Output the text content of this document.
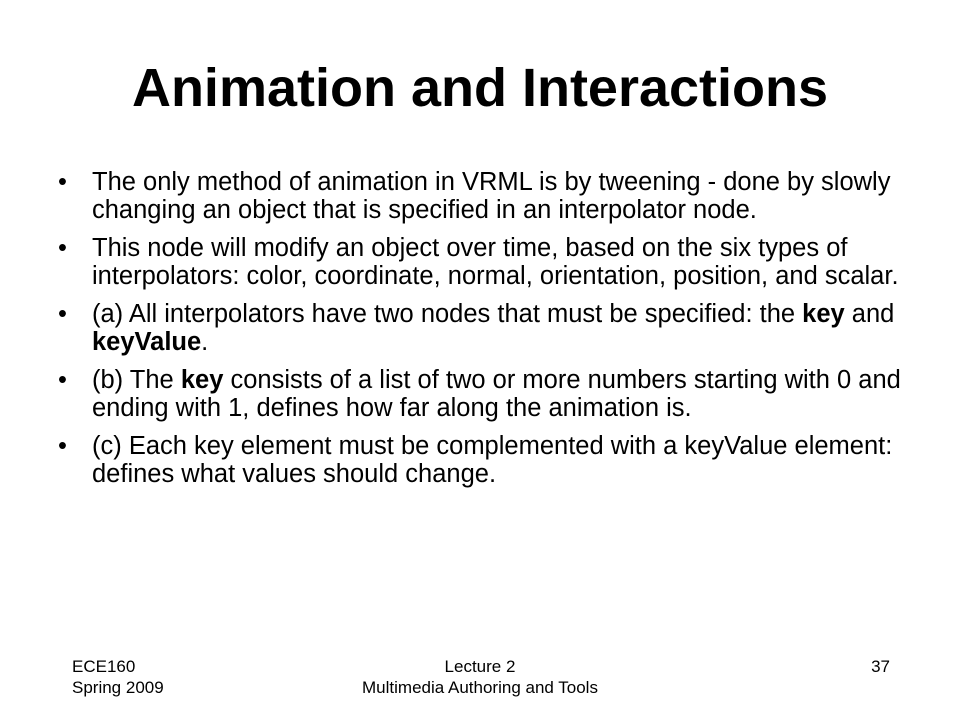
Animation and Interactions
• The only method of animation in VRML is by tweening - done by slowly changing an object that is specified in an interpolator node.
• This node will modify an object over time, based on the six types of interpolators: color, coordinate, normal, orientation, position, and scalar.
• (a) All interpolators have two nodes that must be specified: the key and keyValue.
• (b) The key consists of a list of two or more numbers starting with 0 and ending with 1, defines how far along the animation is.
• (c) Each key element must be complemented with a keyValue element: defines what values should change.
ECE160
Spring 2009
Lecture 2
Multimedia Authoring and Tools
37
